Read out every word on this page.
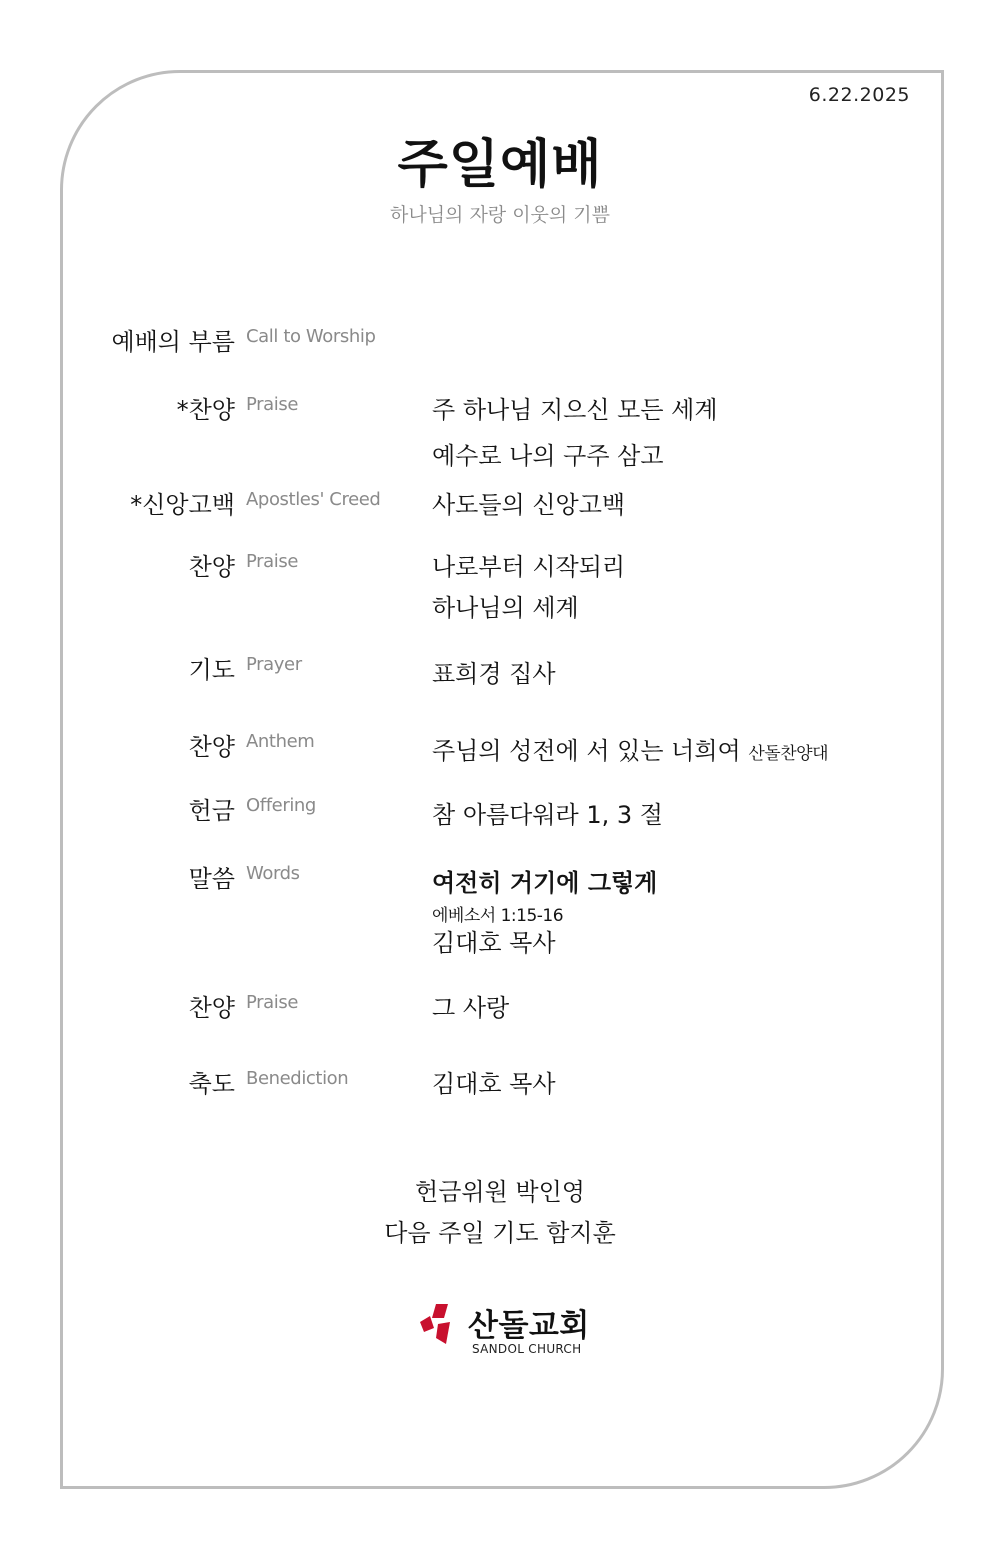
6.22.2025
주일예배
하나님의 자랑 이웃의 기쁨
예배의 부름 Call to Worship
*찬양 Praise	주 하나님 지으신 모든 세계
예수로 나의 구주 삼고
*신앙고백 Apostles' Creed 사도들의 신앙고백
찬양 Praise	나로부터 시작되리
하나님의 세계
기도 Prayer	표희경 집사
찬양 Anthem	주님의 성전에 서 있는 너희여 산돌찬양대
헌금 Offering	참 아름다워라 1, 3 절
말씀 Words	여전히 거기에 그렇게
에베소서 1:15-16
김대호 목사
찬양 Praise	그 사랑
축도 Benediction	김대호 목사
헌금위원 박인영
다음 주일 기도 함지훈
산돌교회
SANDOL CHURCH
